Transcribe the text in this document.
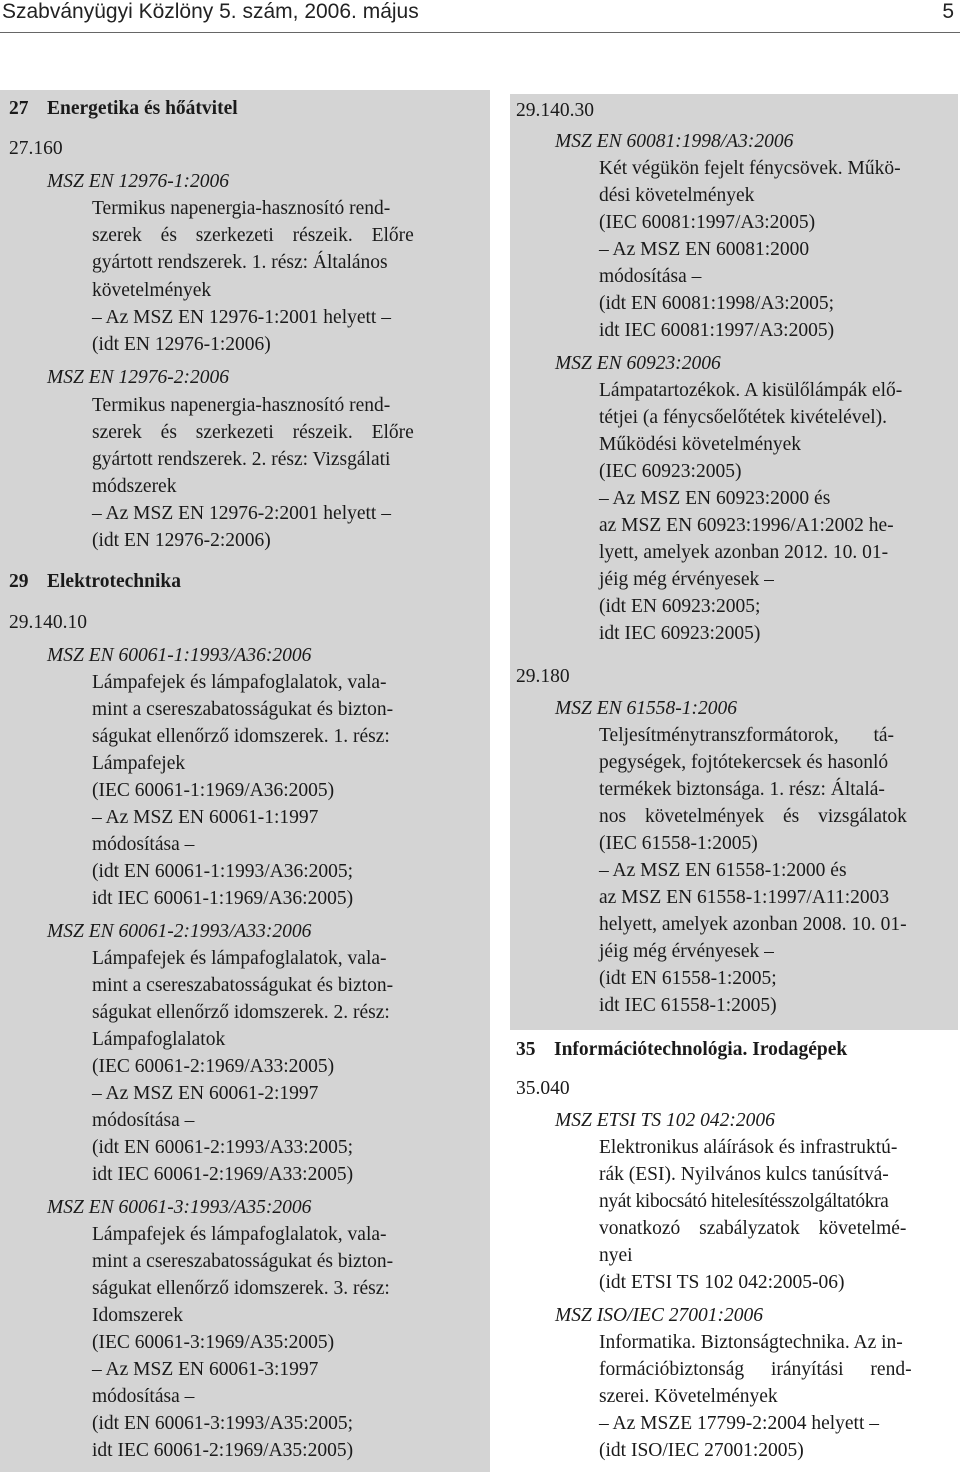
Szabványügyi Közlöny 5. szám, 2006. május	5
27 Energetika és hőátvitel
27.160
MSZ EN 12976-1:2006
Termikus napenergia-hasznosító rend-
szerek és szerkezeti részeik. Előre
gyártott rendszerek. 1. rész: Általános
követelmények
– Az MSZ EN 12976-1:2001 helyett –
(idt EN 12976-1:2006)
MSZ EN 12976-2:2006
Termikus napenergia-hasznosító rend-
szerek és szerkezeti részeik. Előre
gyártott rendszerek. 2. rész: Vizsgálati
módszerek
– Az MSZ EN 12976-2:2001 helyett –
(idt EN 12976-2:2006)
29 Elektrotechnika
29.140.10
MSZ EN 60061-1:1993/A36:2006
Lámpafejek és lámpafoglalatok, vala-
mint a csereszabatosságukat és bizton-
ságukat ellenőrző idomszerek. 1. rész:
Lámpafejek
(IEC 60061-1:1969/A36:2005)
– Az MSZ EN 60061-1:1997
módosítása –
(idt EN 60061-1:1993/A36:2005;
idt IEC 60061-1:1969/A36:2005)
MSZ EN 60061-2:1993/A33:2006
Lámpafejek és lámpafoglalatok, vala-
mint a csereszabatosságukat és bizton-
ságukat ellenőrző idomszerek. 2. rész:
Lámpafoglalatok
(IEC 60061-2:1969/A33:2005)
– Az MSZ EN 60061-2:1997
módosítása –
(idt EN 60061-2:1993/A33:2005;
idt IEC 60061-2:1969/A33:2005)
MSZ EN 60061-3:1993/A35:2006
Lámpafejek és lámpafoglalatok, vala-
mint a csereszabatosságukat és bizton-
ságukat ellenőrző idomszerek. 3. rész:
Idomszerek
(IEC 60061-3:1969/A35:2005)
– Az MSZ EN 60061-3:1997
módosítása –
(idt EN 60061-3:1993/A35:2005;
idt IEC 60061-2:1969/A35:2005)
29.140.30
MSZ EN 60081:1998/A3:2006
Két végükön fejelt fénycsövek. Műkö-
dési követelmények
(IEC 60081:1997/A3:2005)
– Az MSZ EN 60081:2000
módosítása –
(idt EN 60081:1998/A3:2005;
idt IEC 60081:1997/A3:2005)
MSZ EN 60923:2006
Lámpatartozékok. A kisülőlámpák elő-
tétjei (a fénycsőelőtétek kivételével).
Működési követelmények
(IEC 60923:2005)
– Az MSZ EN 60923:2000 és
az MSZ EN 60923:1996/A1:2002 he-
lyett, amelyek azonban 2012. 10. 01-
jéig még érvényesek –
(idt EN 60923:2005;
idt IEC 60923:2005)
29.180
MSZ EN 61558-1:2006
Teljesítménytranszformátorok, tá-
pegységek, fojtótekercsek és hasonló
termékek biztonsága. 1. rész: Általá-
nos követelmények és vizsgálatok
(IEC 61558-1:2005)
– Az MSZ EN 61558-1:2000 és
az MSZ EN 61558-1:1997/A11:2003
helyett, amelyek azonban 2008. 10. 01-
jéig még érvényesek –
(idt EN 61558-1:2005;
idt IEC 61558-1:2005)
35 Információtechnológia. Irodagépek
35.040
MSZ ETSI TS 102 042:2006
Elektronikus aláírások és infrastruktú-
rák (ESI). Nyilvános kulcs tanúsítvá-
nyát kibocsátó hitelesítésszolgáltatókra
vonatkozó szabályzatok követelmé-
nyei
(idt ETSI TS 102 042:2005-06)
MSZ ISO/IEC 27001:2006
Informatika. Biztonságtechnika. Az in-
formációbiztonság irányítási rend-
szerei. Követelmények
– Az MSZE 17799-2:2004 helyett –
(idt ISO/IEC 27001:2005)
